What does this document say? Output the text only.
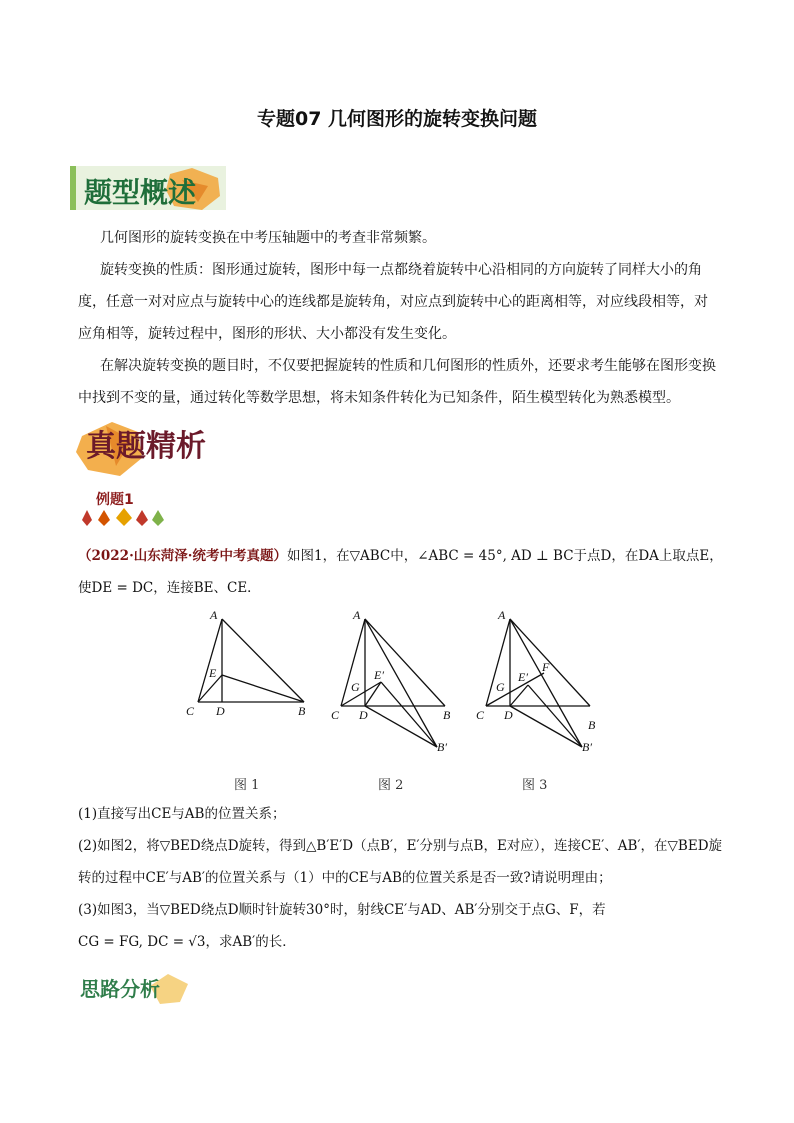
专题07 几何图形的旋转变换问题
题型概述

几何图形的旋转变换在中考压轴题中的考查非常频繁。

旋转变换的性质：图形通过旋转，图形中每一点都绕着旋转中心沿相同的方向旋转了同样大小的角度，任意一对对应点与旋转中心的连线都是旋转角，对应点到旋转中心的距离相等，对应线段相等，对应角相等，旋转过程中，图形的形状、大小都没有发生变化。

在解决旋转变换的题目时，不仅要把握旋转的性质和几何图形的性质外，还要求考生能够在图形变换中找到不变的量，通过转化等数学思想，将未知条件转化为已知条件，陌生模型转化为熟悉模型。

真题精析
例题1

（2022·山东菏泽·统考中考真题）如图1，在▽ABC中，∠ABC = 45°, AD ⊥ BC于点D，在DA上取点E，使DE = DC，连接BE、CE．

A
E
C D	B
图 1
A
G
E′
C D	B
B′
图 2
A
F
G
E′
C D
B
B′
图 3

(1)直接写出CE与AB的位置关系；

(2)如图2，将▽BED绕点D旋转，得到△B′E′D（点B′，E′分别与点B，E对应），连接CE′、AB′，在▽BED旋转的过程中CE′与AB′的位置关系与（1）中的CE与AB的位置关系是否一致?请说明理由；

(3)如图3，当▽BED绕点D顺时针旋转30°时，射线CE′与AD、AB′分别交于点G、F，若

CG = FG, DC = √3，求AB′的长．

思路分析
